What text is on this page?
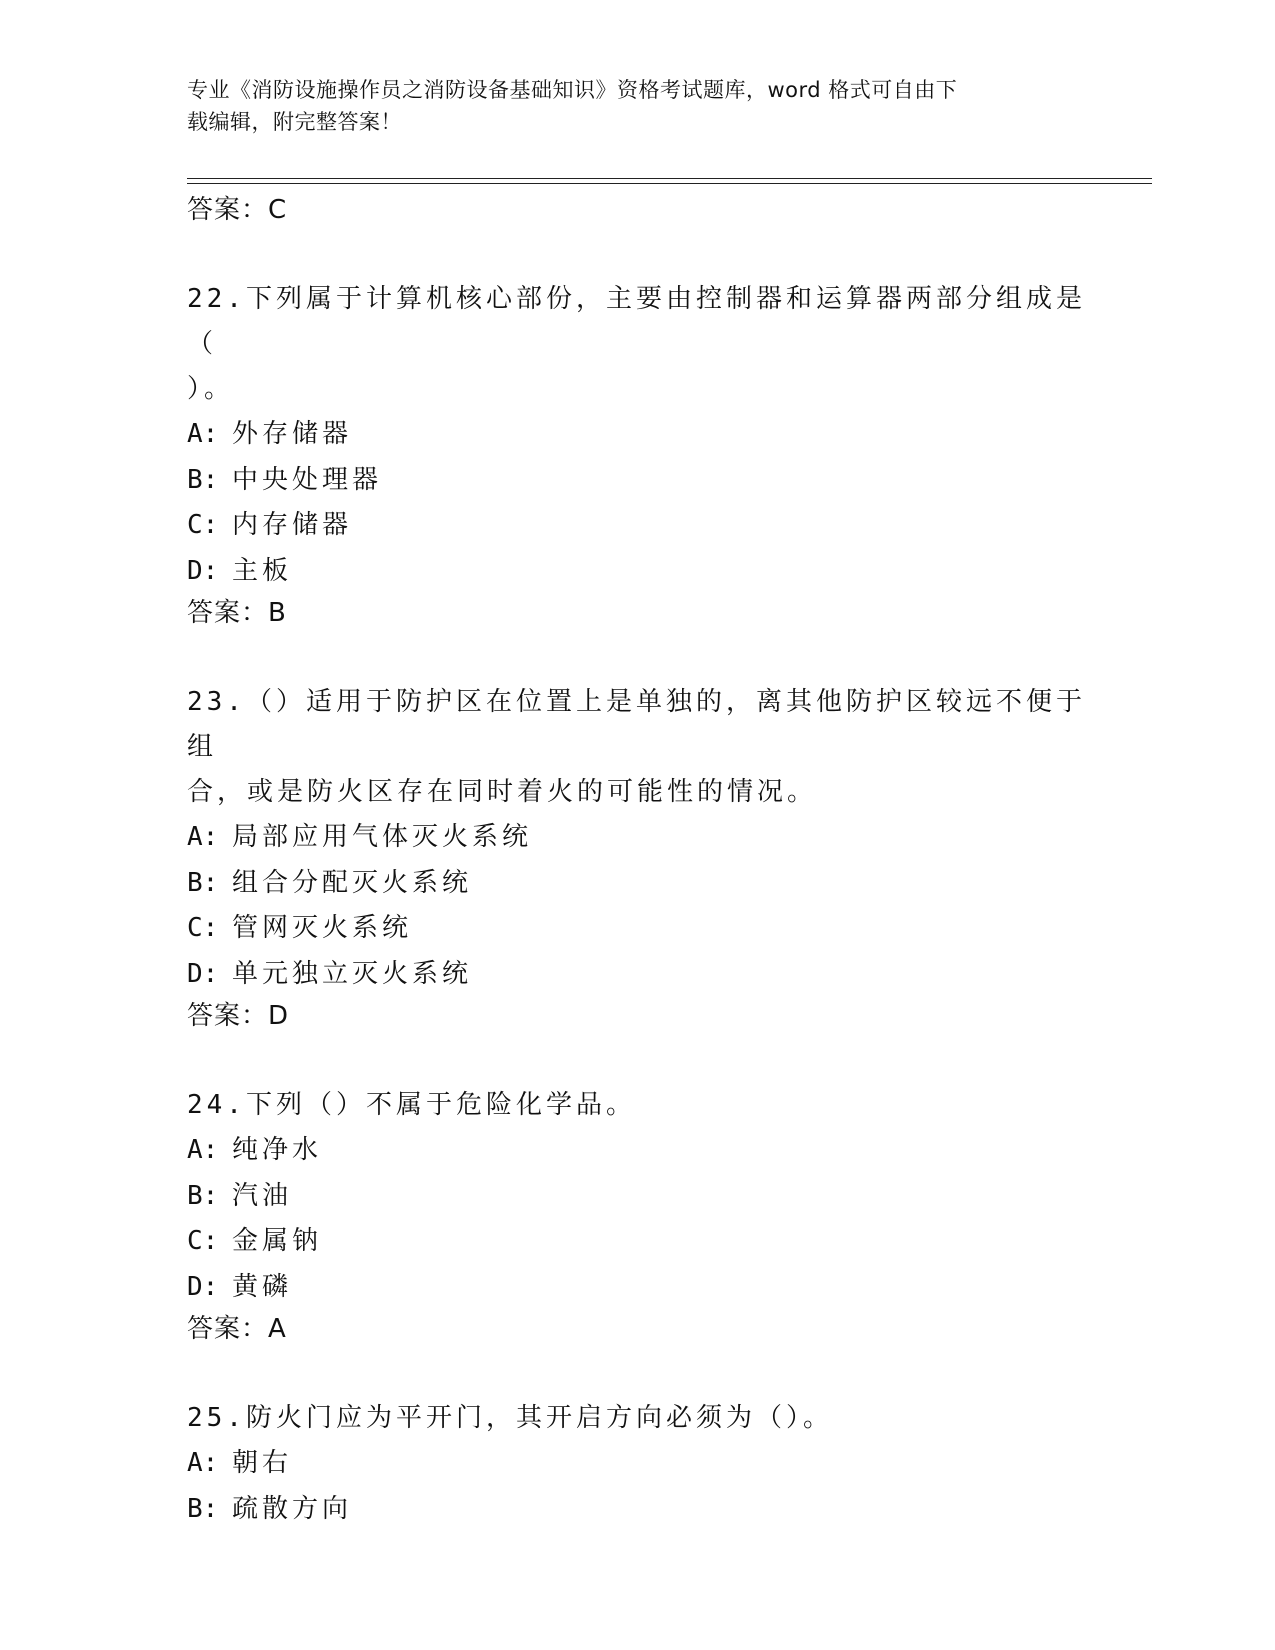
专业《消防设施操作员之消防设备基础知识》资格考试题库，word 格式可自由下
载编辑，附完整答案！
答案：C
22.下列属于计算机核心部份，主要由控制器和运算器两部分组成是（
）。
A: 外存储器
B: 中央处理器
C: 内存储器
D: 主板
答案：B
23.（）适用于防护区在位置上是单独的，离其他防护区较远不便于组
合，或是防火区存在同时着火的可能性的情况。
A: 局部应用气体灭火系统
B: 组合分配灭火系统
C: 管网灭火系统
D: 单元独立灭火系统
答案：D
24.下列（）不属于危险化学品。
A: 纯净水
B: 汽油
C: 金属钠
D: 黄磷
答案：A
25.防火门应为平开门，其开启方向必须为（）。
A: 朝右
B: 疏散方向
